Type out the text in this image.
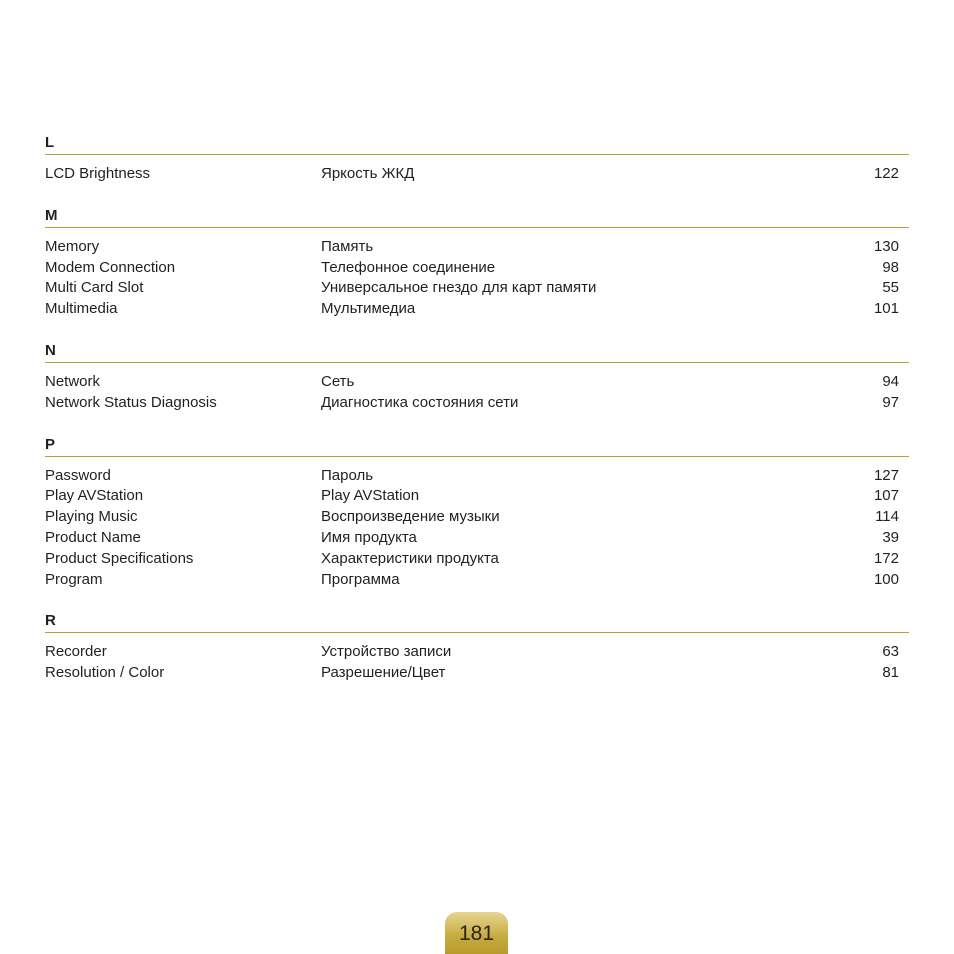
L
LCD Brightness	Яркость ЖКД	122
M
Memory	Память	130
Modem Connection	Телефонное соединение	98
Multi Card Slot	Универсальное гнездо для карт памяти	55
Multimedia	Мультимедиа	101
N
Network	Сеть	94
Network Status Diagnosis	Диагностика состояния сети	97
P
Password	Пароль	127
Play AVStation	Play AVStation	107
Playing Music	Воспроизведение музыки	114
Product Name	Имя продукта	39
Product Specifications	Характеристики продукта	172
Program	Программа	100
R
Recorder	Устройство записи	63
Resolution / Color	Разрешение/Цвет	81
181
